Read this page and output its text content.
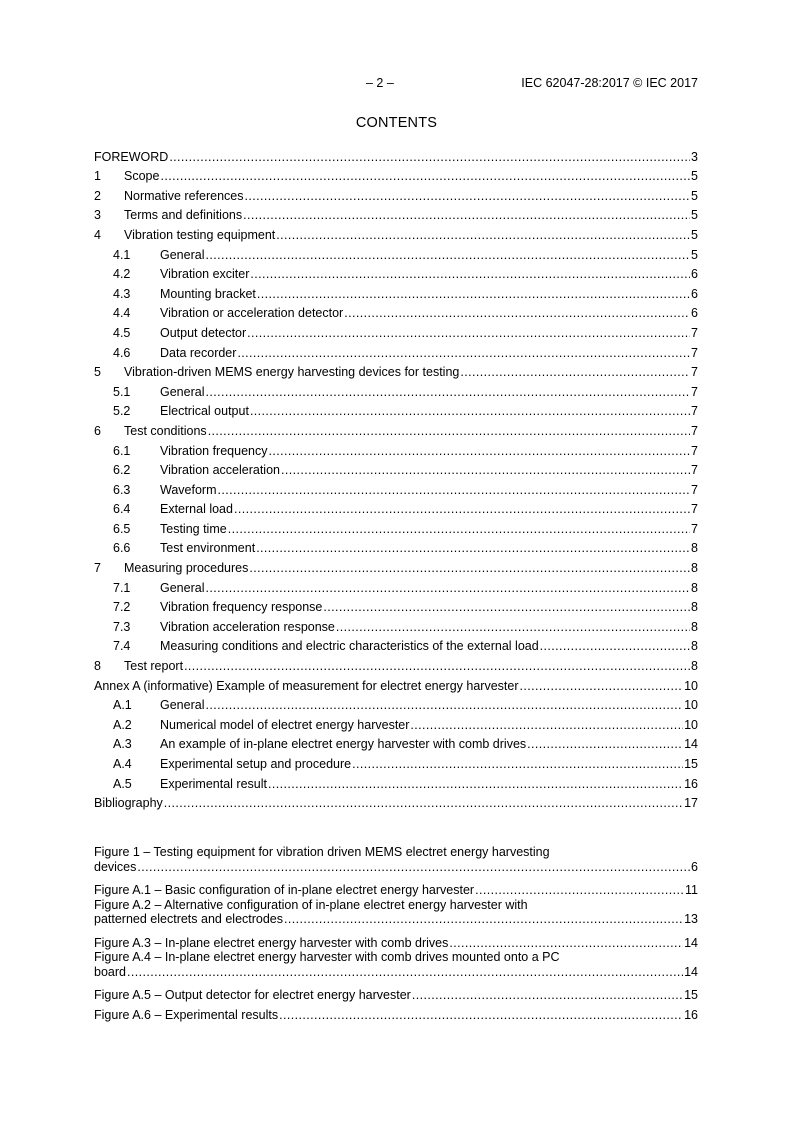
– 2 –	IEC 62047-28:2017 © IEC 2017
CONTENTS
FOREWORD .....	3
1	Scope .....	5
2	Normative references .....	5
3	Terms and definitions .....	5
4	Vibration testing equipment .....	5
4.1	General .....	5
4.2	Vibration exciter .....	6
4.3	Mounting bracket .....	6
4.4	Vibration or acceleration detector .....	6
4.5	Output detector .....	7
4.6	Data recorder .....	7
5	Vibration-driven MEMS energy harvesting devices for testing .....	7
5.1	General .....	7
5.2	Electrical output .....	7
6	Test conditions .....	7
6.1	Vibration frequency .....	7
6.2	Vibration acceleration .....	7
6.3	Waveform .....	7
6.4	External load .....	7
6.5	Testing time .....	7
6.6	Test environment .....	8
7	Measuring procedures .....	8
7.1	General .....	8
7.2	Vibration frequency response .....	8
7.3	Vibration acceleration response .....	8
7.4	Measuring conditions and electric characteristics of the external load .....	8
8	Test report .....	8
Annex A (informative) Example of measurement for electret energy harvester .....	10
A.1	General .....	10
A.2	Numerical model of electret energy harvester .....	10
A.3	An example of in-plane electret energy harvester with comb drives .....	14
A.4	Experimental setup and procedure .....	15
A.5	Experimental result .....	16
Bibliography .....	17
Figure 1 – Testing equipment for vibration driven MEMS electret energy harvesting
devices .....	6
Figure A.1 – Basic configuration of in-plane electret energy harvester .....	11
Figure A.2 – Alternative configuration of in-plane electret energy harvester with
patterned electrets and electrodes .....	13
Figure A.3 – In-plane electret energy harvester with comb drives .....	14
Figure A.4 – In-plane electret energy harvester with comb drives mounted onto a PC
board .....	14
Figure A.5 – Output detector for electret energy harvester .....	15
Figure A.6 – Experimental results .....	16
